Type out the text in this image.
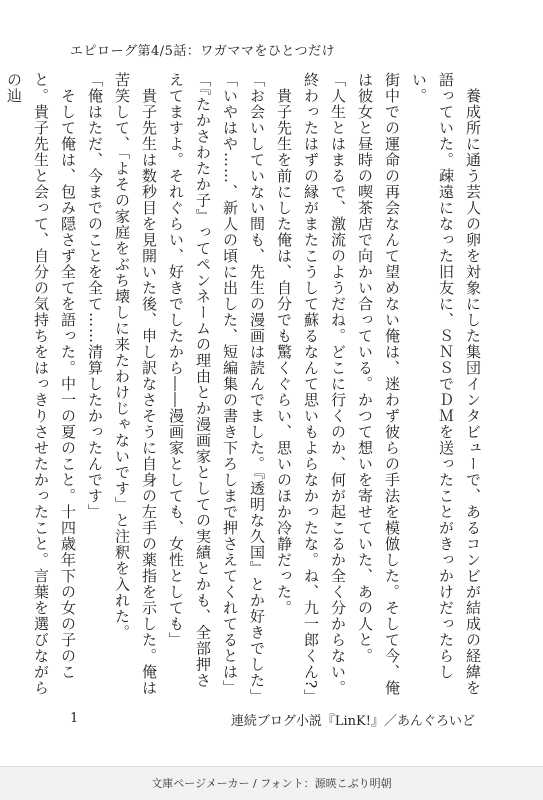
エピローグ第4/5話：ワガママをひとつだけ

　養成所に通う芸人の卵を対象にした集団インタビューで、あるコンビが結成の経緯を語っていた。疎遠になった旧友に、ＳＮＳでＤＭを送ったことがきっかけだったらしい。

街中での運命の再会なんて望めない俺は、迷わず彼らの手法を模倣した。そして今、俺は彼女と昼時の喫茶店で向かい合っている。かつて想いを寄せていた、あの人と。

「人生とはまるで、激流のようだね。どこに行くのか、何が起こるか全く分からない。終わったはずの縁がまたこうして蘇るなんて思いもよらなかったな。ね、九一郎くん?」

　貴子先生を前にした俺は、自分でも驚くぐらい、思いのほか冷静だった。

「お会いしていない間も、先生の漫画は読んでました。『透明な久国』とか好きでした」

「いやはや……、新人の頃に出した、短編集の書き下ろしまで押さえてくれてるとは」

「『たかさわたか子』ってペンネームの理由とか漫画家としての実績とかも、全部押さえてますよ。それぐらい、好きでしたから――漫画家としても、女性としても」

　貴子先生は数秒目を見開いた後、申し訳なさそうに自身の左手の薬指を示した。俺は苦笑して、「よその家庭をぶち壊しに来たわけじゃないです」と注釈を入れた。

「俺はただ、今までのことを全て……清算したかったんです」

　そして俺は、包み隠さず全てを語った。中一の夏のこと。十四歳年下の女の子のこと。貴子先生と会って、自分の気持ちをはっきりさせたかったこと。言葉を選びながらの辿

1	連続ブログ小説『LinK!』／あんぐろいど
文庫ページメーカー / フォント：源暎こぶり明朝
